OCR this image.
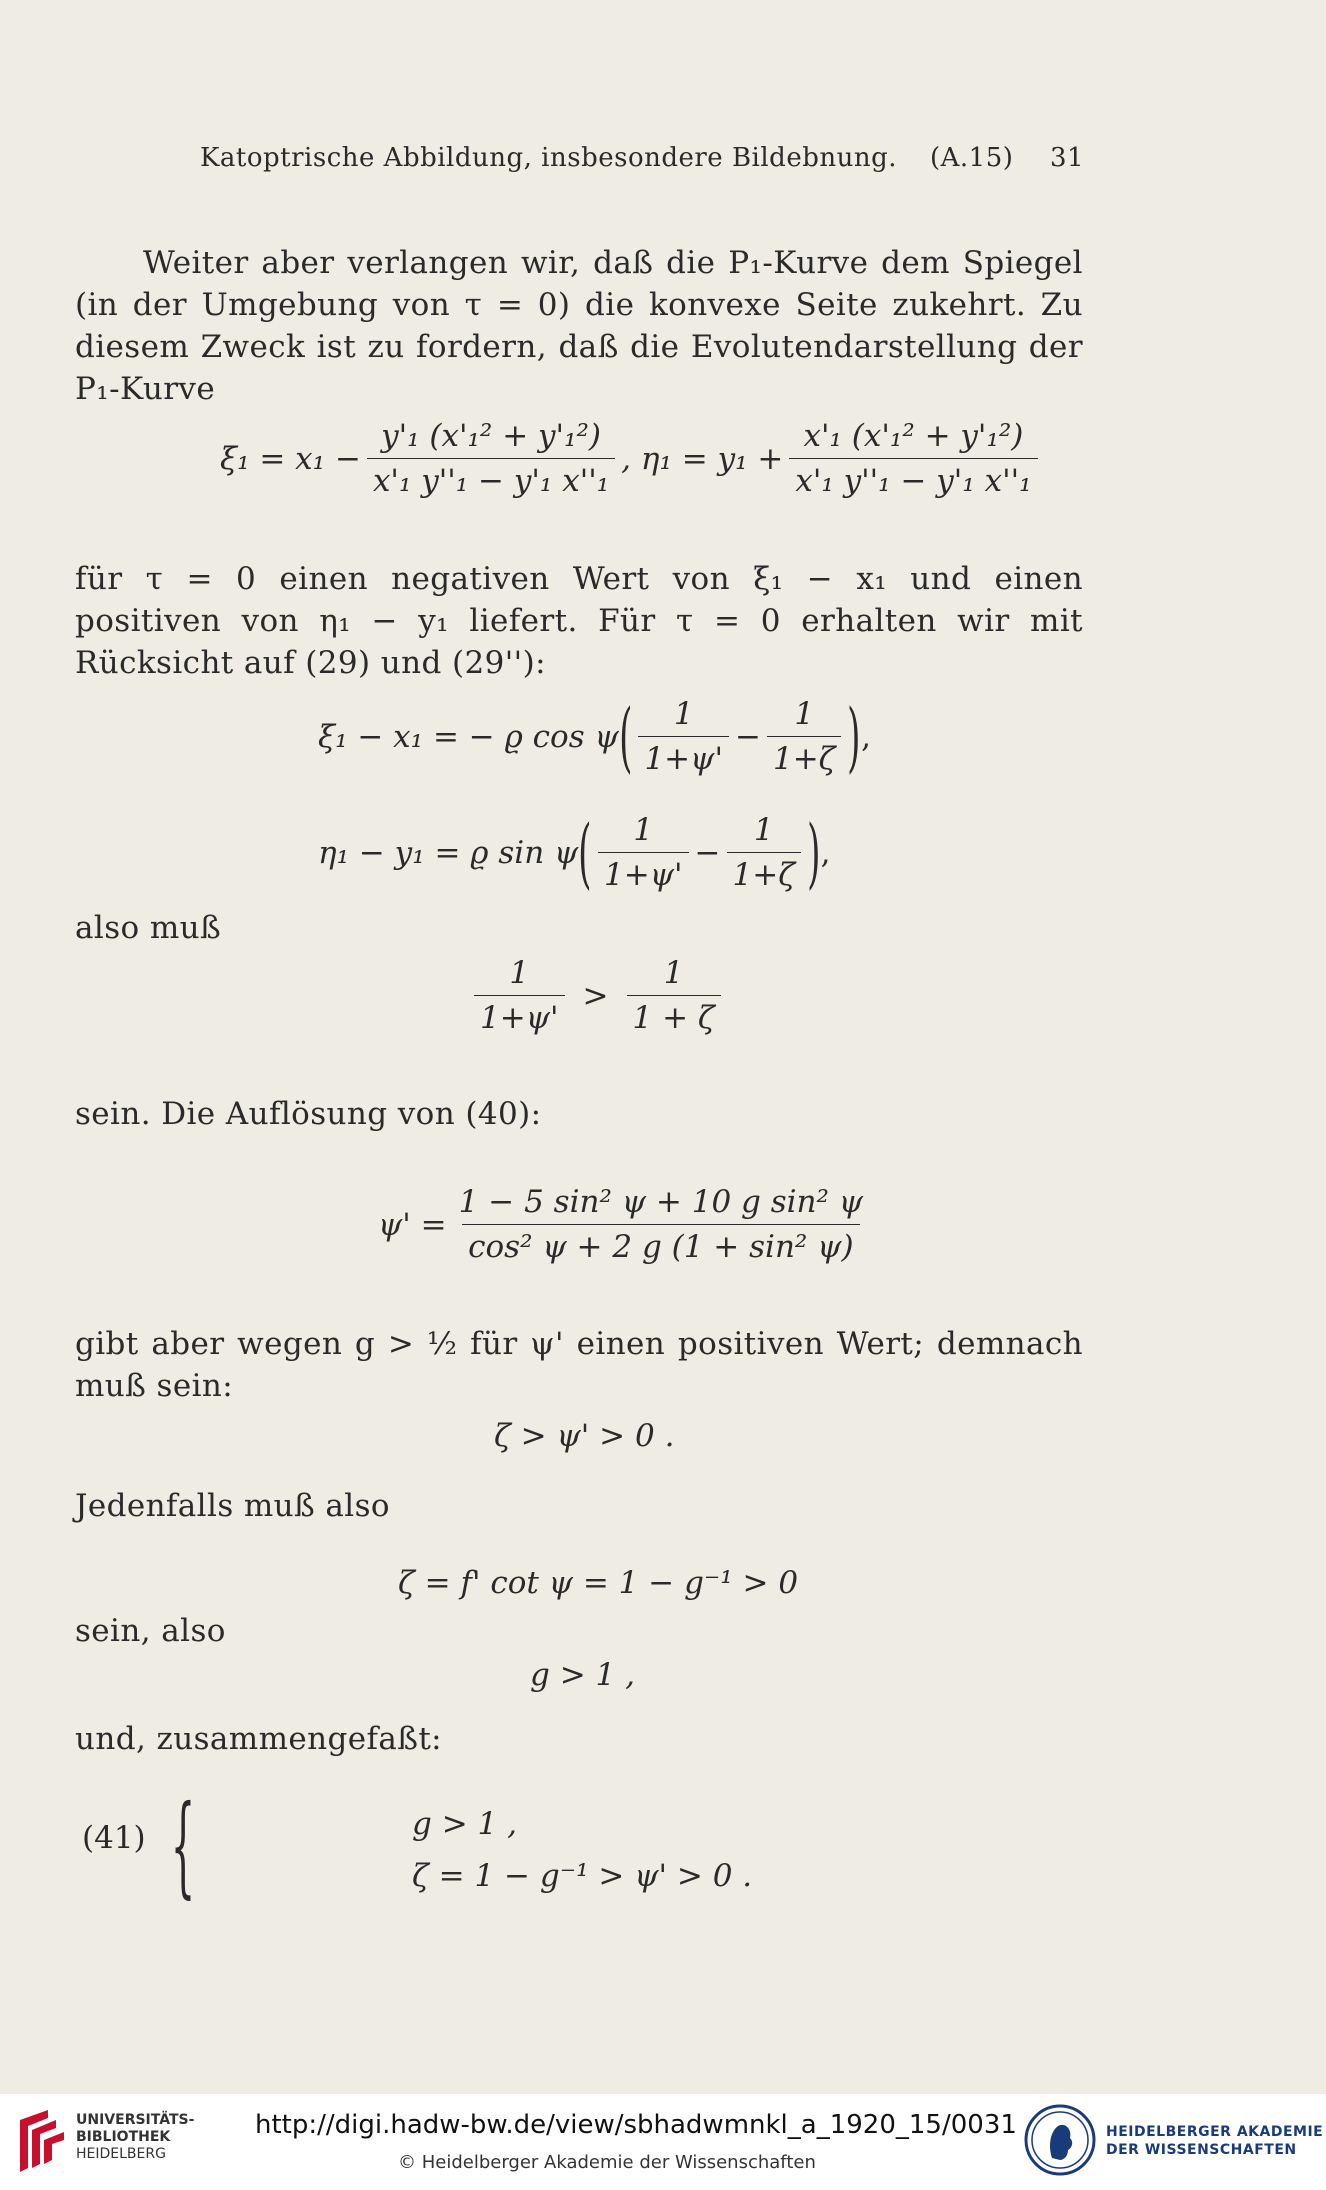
Katoptrische Abbildung, insbesondere Bildebnung. (A.15) 31

Weiter aber verlangen wir, daß die P₁-Kurve dem Spiegel (in der Umgebung von τ = 0) die konvexe Seite zukehrt. Zu diesem Zweck ist zu fordern, daß die Evolutendarstellung der P₁-Kurve

$\xi_1 = x_1 - \frac{\text{y'₁ (x'₁² + y'₁²)}}{\text{x'₁ y''₁ − y'₁ x''₁}}$ , $\eta_1 = y_1 + \frac{\text{x'₁ (x'₁² + y'₁²)}}{\text{x'₁ y''₁ − y'₁ x''₁}}$

für τ = 0 einen negativen Wert von ξ₁ − x₁ und einen positiven von η₁ − y₁ liefert. Für τ = 0 erhalten wir mit Rücksicht auf (29) und (29''):

ξ₁ − x₁ = − ϱ cos ψ ( $\frac{1}{1+\psi'} - \frac{1}{1+\zeta}$ ) ,
η₁ − y₁ = ϱ sin ψ ( $\frac{1}{1+\psi'} - \frac{1}{1+\zeta}$ ) ,

also muß

$\frac{1}{1+\psi'} > \frac{1}{1 + \zeta}$

sein. Die Auflösung von (40):

$\psi' = \frac{\text{1 − 5 sin² ψ + 10 g sin² ψ}}{\text{cos² ψ + 2 g (1 + sin² ψ)}}$

gibt aber wegen g > ½ für ψ' einen positiven Wert; demnach muß sein:

ζ > ψ' > 0 .

Jedenfalls muß also

ζ = f' cot ψ = 1 − g⁻¹ > 0

sein, also

g > 1 ,

und, zusammengefaßt:

(41) {	g > 1 ,
ζ = 1 − g⁻¹ > ψ' > 0 .
UNIVERSITÄTS-
BIBLIOTHEK
HEIDELBERG
http://digi.hadw-bw.de/view/sbhadwmnkl_a_1920_15/0031
© Heidelberger Akademie der Wissenschaften
HEIDELBERGER AKADEMIE
DER WISSENSCHAFTEN
